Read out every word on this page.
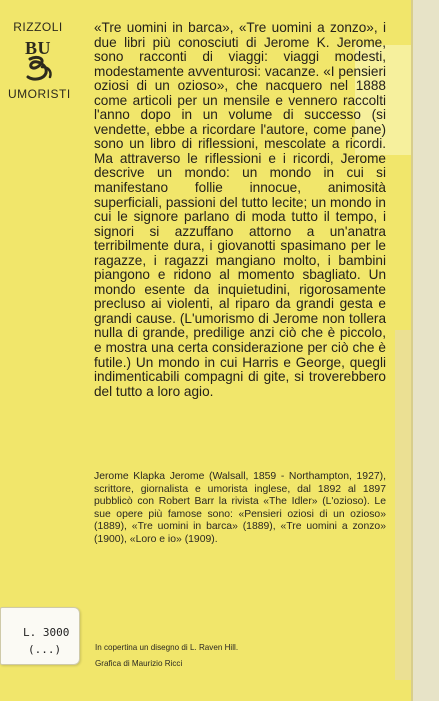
RIZZOLI
BU
UMORISTI
«Tre uomini in barca», «Tre uomini a zonzo», i due libri più conosciuti di Jerome K. Jerome, sono racconti di viaggi: viaggi modesti, modestamente avventurosi: vacanze. «I pensieri oziosi di un ozioso», che nacquero nel 1888 come articoli per un mensile e vennero raccolti l'anno dopo in un volume di successo (si vendette, ebbe a ricordare l'autore, come pane) sono un libro di riflessioni, mescolate a ricordi. Ma attraverso le riflessioni e i ricordi, Jerome descrive un mondo: un mondo in cui si manifestano follie innocue, animosità superficiali, passioni del tutto lecite; un mondo in cui le signore parlano di moda tutto il tempo, i signori si azzuffano attorno a un'anatra terribilmente dura, i giovanotti spasimano per le ragazze, i ragazzi mangiano molto, i bambini piangono e ridono al momento sbagliato. Un mondo esente da inquietudini, rigorosamente precluso ai violenti, al riparo da grandi gesta e grandi cause. (L'umorismo di Jerome non tollera nulla di grande, predilige anzi ciò che è piccolo, e mostra una certa considerazione per ciò che è futile.) Un mondo in cui Harris e George, quegli indimenticabili compagni di gite, si troverebbero del tutto a loro agio.
Jerome Klapka Jerome (Walsall, 1859 - Northampton, 1927), scrittore, giornalista e umorista inglese, dal 1892 al 1897 pubblicò con Robert Barr la rivista «The Idler» (L'ozioso). Le sue opere più famose sono: «Pensieri oziosi di un ozioso» (1889), «Tre uomini in barca» (1889), «Tre uomini a zonzo» (1900), «Loro e io» (1909).

In copertina un disegno di L. Raven Hill.

Grafica di Maurizio Ricci

L. 3000
(...)
